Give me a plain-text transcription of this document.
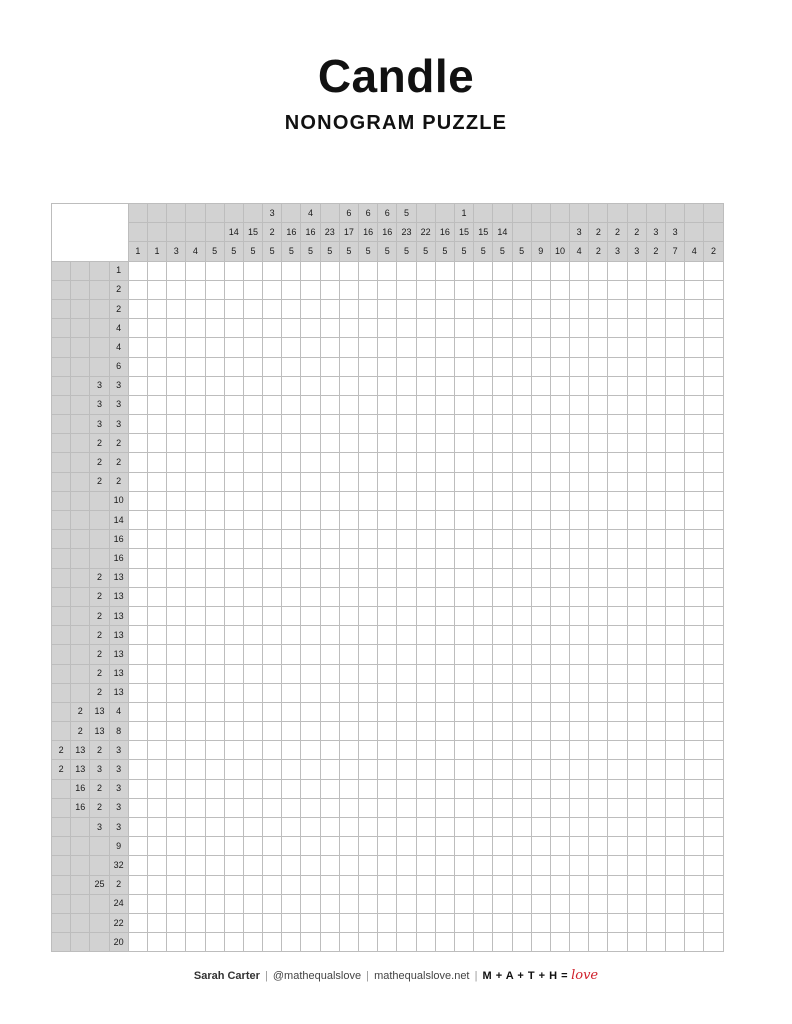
Candle
NONOGRAM PUZZLE
											3		4		6	6	6	5			1													
									14	15	2	16	16	23	17	16	16	23	22	16	15	15	14				3	2	2	2	3	3		
				1	1	3	4	5	5	5	5	5	5	5	5	5	5	5	5	5	5	5	5	5	9	10	4	2	3	3	2	7	4	2
			1																															
			2																															
			2																															
			4																															
			4																															
			6																															
		3	3																															
		3	3																															
		3	3																															
		2	2																															
		2	2																															
		2	2																															
			10																															
			14																															
			16																															
			16																															
		2	13																															
		2	13																															
		2	13																															
		2	13																															
		2	13																															
		2	13																															
		2	13																															
	2	13	4																															
	2	13	8																															
2	13	2	3																															
2	13	3	3																															
	16	2	3																															
	16	2	3																															
		3	3																															
			9																															
			32																															
		25	2																															
			24																															
			22																															
			20																															
Sarah Carter | @mathequalslove | mathequalslove.net | M + A + T + H = love
